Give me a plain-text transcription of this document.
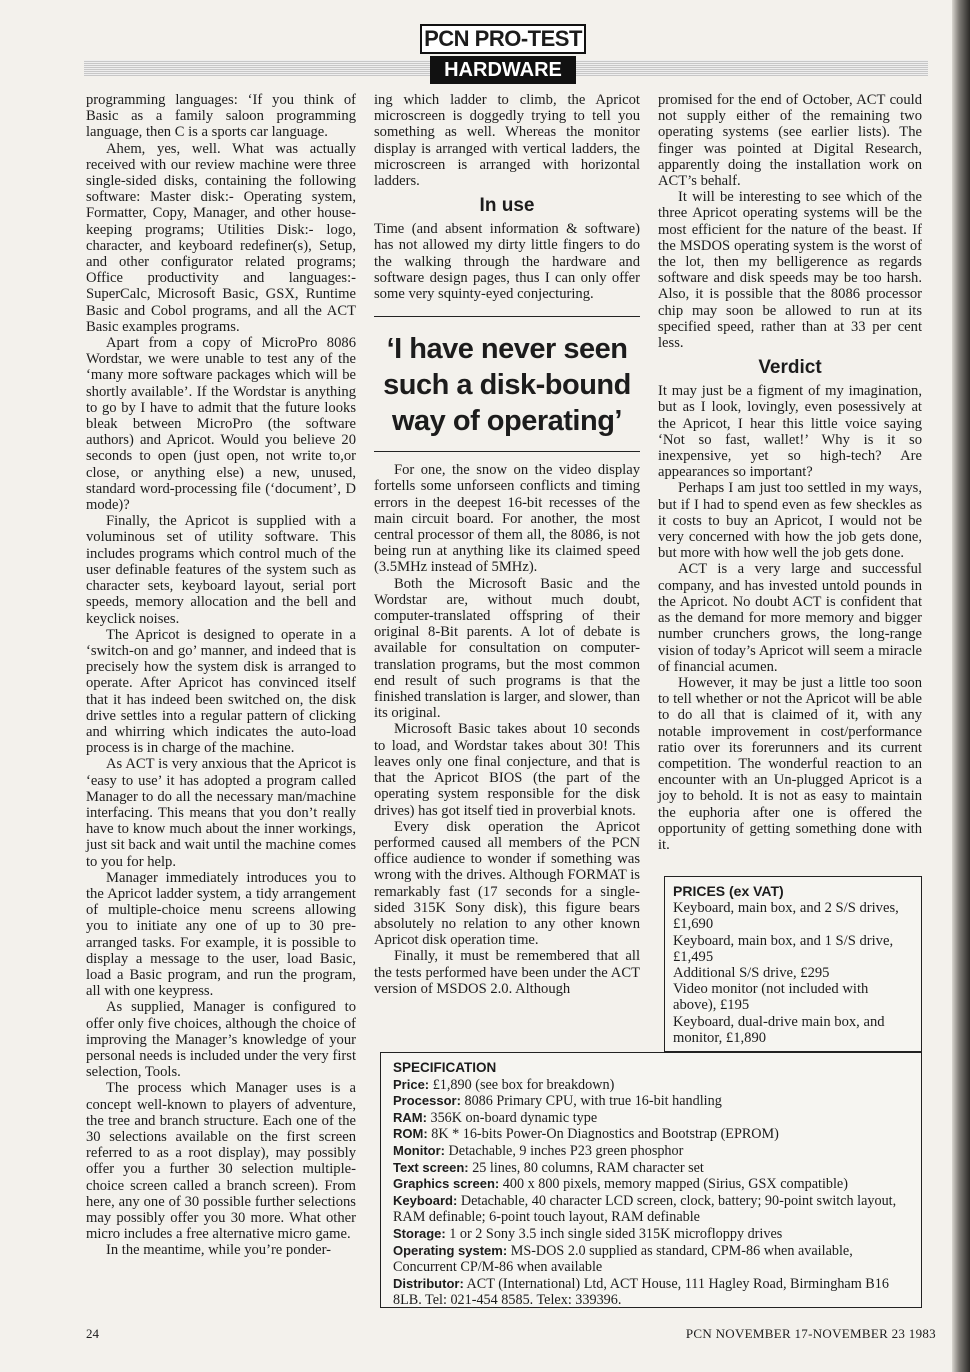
PCN PRO-TEST
HARDWARE

programming languages: ‘If you think of Basic as a family saloon programming language, then C is a sports car language.

Ahem, yes, well. What was actually received with our review machine were three single-sided disks, containing the following software: Master disk:- Operating system, Formatter, Copy, Manager, and other house-keeping programs; Utilities Disk:- logo, character, and keyboard redefiner(s), Setup, and other configurator related programs; Office productivity and languages:- SuperCalc, Microsoft Basic, GSX, Runtime Basic and Cobol programs, and all the ACT Basic examples programs.

Apart from a copy of MicroPro 8086 Wordstar, we were unable to test any of the ‘many more software packages which will be shortly available’. If the Wordstar is anything to go by I have to admit that the future looks bleak between MicroPro (the software authors) and Apricot. Would you believe 20 seconds to open (just open, not write to,or close, or anything else) a new, unused, standard word-processing file (‘document’, D mode)?

Finally, the Apricot is supplied with a voluminous set of utility software. This includes programs which control much of the user definable features of the system such as character sets, keyboard layout, serial port speeds, memory allocation and the bell and keyclick noises.

The Apricot is designed to operate in a ‘switch-on and go’ manner, and indeed that is precisely how the system disk is arranged to operate. After Apricot has convinced itself that it has indeed been switched on, the disk drive settles into a regular pattern of clicking and whirring which indicates the auto-load process is in charge of the machine.

As ACT is very anxious that the Apricot is ‘easy to use’ it has adopted a program called Manager to do all the necessary man/machine interfacing. This means that you don’t really have to know much about the inner workings, just sit back and wait until the machine comes to you for help.

Manager immediately introduces you to the Apricot ladder system, a tidy arrangement of multiple-choice menu screens allowing you to initiate any one of up to 30 pre-arranged tasks. For example, it is possible to display a message to the user, load Basic, load a Basic program, and run the program, all with one keypress.

As supplied, Manager is configured to offer only five choices, although the choice of improving the Manager’s knowledge of your personal needs is included under the very first selection, Tools.

The process which Manager uses is a concept well-known to players of adventure, the tree and branch structure. Each one of the 30 selections available on the first screen referred to as a root display), may possibly offer you a further 30 selection multiple-choice screen called a branch screen). From here, any one of 30 possible further selections may possibly offer you 30 more. What other micro includes a free alternative micro game.

In the meantime, while you’re ponder-

ing which ladder to climb, the Apricot microscreen is doggedly trying to tell you something as well. Whereas the monitor display is arranged with vertical ladders, the microscreen is arranged with horizontal ladders.

In use

Time (and absent information & software) has not allowed my dirty little fingers to do the walking through the hardware and software design pages, thus I can only offer some very squinty-eyed conjecturing.

‘I have never seen such a disk-bound way of operating’

For one, the snow on the video display fortells some unforseen conflicts and timing errors in the deepest 16-bit recesses of the main circuit board. For another, the most central processor of them all, the 8086, is not being run at anything like its claimed speed (3.5MHz instead of 5MHz).

Both the Microsoft Basic and the Wordstar are, without much doubt, computer-translated offspring of their original 8-Bit parents. A lot of debate is available for consultation on computer-translation programs, but the most common end result of such programs is that the finished translation is larger, and slower, than its original.

Microsoft Basic takes about 10 seconds to load, and Wordstar takes about 30! This leaves only one final conjecture, and that is that the Apricot BIOS (the part of the operating system responsible for the disk drives) has got itself tied in proverbial knots.

Every disk operation the Apricot performed caused all members of the PCN office audience to wonder if something was wrong with the drives. Although FORMAT is remarkably fast (17 seconds for a single-sided 315K Sony disk), this figure bears absolutely no relation to any other known Apricot disk operation time.

Finally, it must be remembered that all the tests performed have been under the ACT version of MSDOS 2.0. Although

promised for the end of October, ACT could not supply either of the remaining two operating systems (see earlier lists). The finger was pointed at Digital Research, apparently doing the installation work on ACT’s behalf.

It will be interesting to see which of the three Apricot operating systems will be the most efficient for the nature of the beast. If the MSDOS operating system is the worst of the lot, then my belligerence as regards software and disk speeds may be too harsh. Also, it is possible that the 8086 processor chip may soon be allowed to run at its specified speed, rather than at 33 per cent less.

Verdict

It may just be a figment of my imagination, but as I look, lovingly, even posessively at the Apricot, I hear this little voice saying ‘Not so fast, wallet!’ Why is it so inexpensive, yet so high-tech? Are appearances so important?

Perhaps I am just too settled in my ways, but if I had to spend even as few sheckles as it costs to buy an Apricot, I would not be very concerned with how the job gets done, but more with how well the job gets done.

ACT is a very large and successful company, and has invested untold pounds in the Apricot. No doubt ACT is confident that as the demand for more memory and bigger number crunchers grows, the long-range vision of today’s Apricot will seem a miracle of financial acumen.

However, it may be just a little too soon to tell whether or not the Apricot will be able to do all that is claimed of it, with any notable improvement in cost/performance ratio over its forerunners and its current competition. The wonderful reaction to an encounter with an Un-plugged Apricot is a joy to behold. It is not as easy to maintain the euphoria after one is offered the opportunity of getting something done with it.

PRICES (ex VAT)

Keyboard, main box, and 2 S/S drives, £1,690

Keyboard, main box, and 1 S/S drive, £1,495

Additional S/S drive, £295

Video monitor (not included with above), £195

Keyboard, dual-drive main box, and monitor, £1,890

SPECIFICATION

Price: £1,890 (see box for breakdown)

Processor: 8086 Primary CPU, with true 16-bit handling

RAM: 356K on-board dynamic type

ROM: 8K * 16-bits Power-On Diagnostics and Bootstrap (EPROM)

Monitor: Detachable, 9 inches P23 green phosphor

Text screen: 25 lines, 80 columns, RAM character set

Graphics screen: 400 x 800 pixels, memory mapped (Sirius, GSX compatible)

Keyboard: Detachable, 40 character LCD screen, clock, battery; 90-point switch layout, RAM definable; 6-point touch layout, RAM definable

Storage: 1 or 2 Sony 3.5 inch single sided 315K microfloppy drives

Operating system: MS-DOS 2.0 supplied as standard, CPM-86 when available, Concurrent CP/M-86 when available

Distributor: ACT (International) Ltd, ACT House, 111 Hagley Road, Birmingham B16 8LB. Tel: 021-454 8585. Telex: 339396.

24	PCN NOVEMBER 17-NOVEMBER 23 1983
